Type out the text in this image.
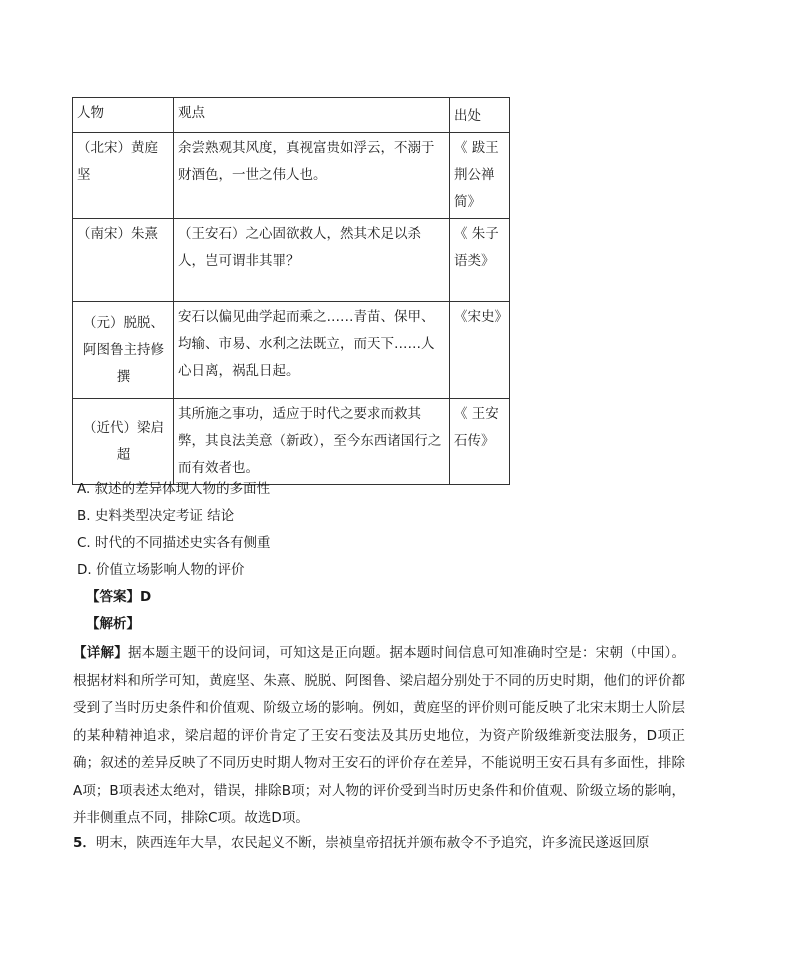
人物	观点	出处
（北宋）黄庭坚	余尝熟观其风度，真视富贵如浮云，不溺于财酒色，一世之伟人也。	《 跋王荆公禅简》
（南宋）朱熹	（王安石）之心固欲救人，然其术足以杀人，岂可谓非其罪？	《 朱子语类》
（元）脱脱、阿图鲁主持修撰	安石以偏见曲学起而乘之……青苗、保甲、均输、市易、水利之法既立，而天下……人心日离，祸乱日起。	《宋史》
（近代）梁启超	其所施之事功，适应于时代之要求而救其弊，其良法美意（新政），至今东西诸国行之而有效者也。	《 王安石传》
A. 叙述的差异体现人物的多面性
B. 史料类型决定考证 结论
C. 时代的不同描述史实各有侧重
D. 价值立场影响人物的评价
【答案】D
【解析】
【详解】据本题主题干的设问词，可知这是正向题。据本题时间信息可知准确时空是：宋朝（中国）。根据材料和所学可知，黄庭坚、朱熹、脱脱、阿图鲁、梁启超分别处于不同的历史时期，他们的评价都受到了当时历史条件和价值观、阶级立场的影响。例如，黄庭坚的评价则可能反映了北宋末期士人阶层的某种精神追求，梁启超的评价肯定了王安石变法及其历史地位，为资产阶级维新变法服务，D项正确；叙述的差异反映了不同历史时期人物对王安石的评价存在差异，不能说明王安石具有多面性，排除A项；B项表述太绝对，错误，排除B项；对人物的评价受到当时历史条件和价值观、阶级立场的影响，并非侧重点不同，排除C项。故选D项。
5．明末，陕西连年大旱，农民起义不断，崇祯皇帝招抚并颁布赦令不予追究，许多流民遂返回原
